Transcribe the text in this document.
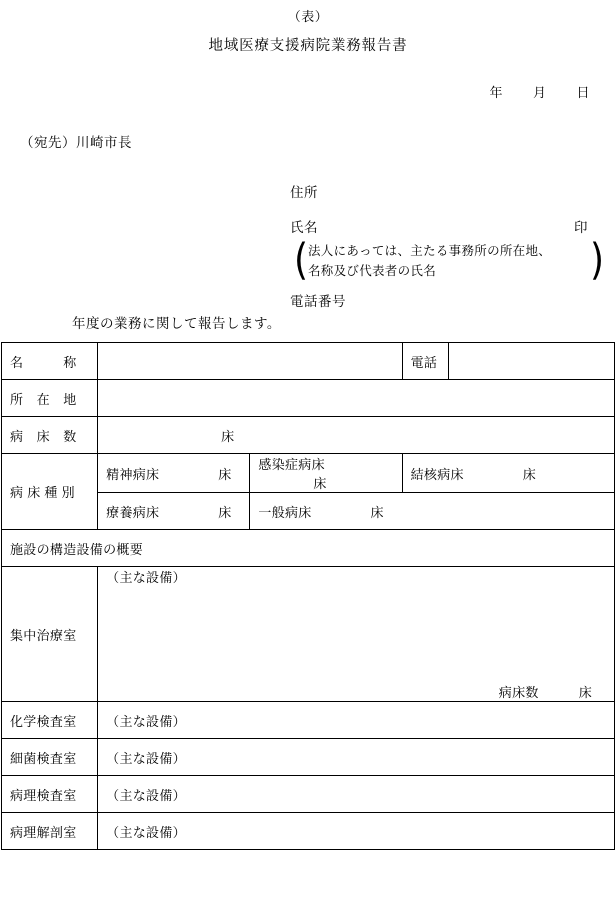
（表）
地域医療支援病院業務報告書
年 月 日
（宛先）川崎市長
住所
氏名	印
(	)
法人にあっては、主たる事務所の所在地、
名称及び代表者の氏名
電話番号
年度の業務に関して報告します。
名　　　称			電話	
所　在　地				
病　床　数	床			
病 床 種 別	精神病床 床	感染症病床 床	結核病床 床	
	療養病床 床	一般病床 床		
施設の構造設備の概要				
集中治療室	（主な設備）
病床数 床			

化学検査室	（主な設備）			
細菌検査室	（主な設備）			
病理検査室	（主な設備）			
病理解剖室	（主な設備）			
